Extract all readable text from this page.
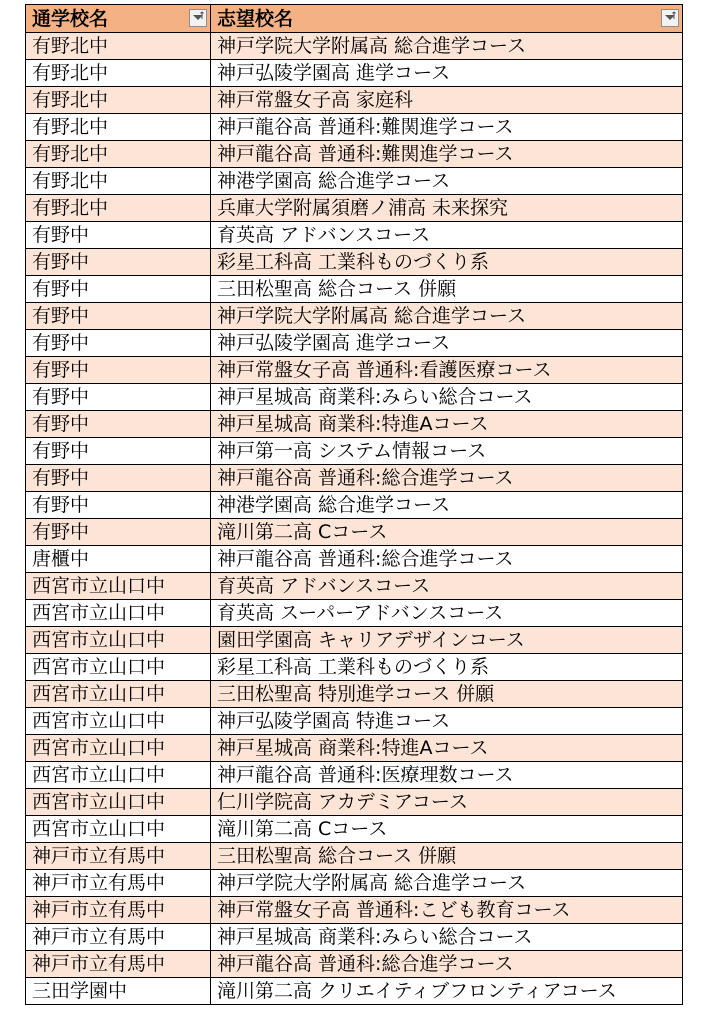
通学校名	志望校名

有野北中	神戸学院大学附属高 総合進学コース
有野北中	神戸弘陵学園高 進学コース
有野北中	神戸常盤女子高 家庭科
有野北中	神戸龍谷高 普通科:難関進学コース
有野北中	神戸龍谷高 普通科:難関進学コース
有野北中	神港学園高 総合進学コース
有野北中	兵庫大学附属須磨ノ浦高 未来探究
有野中	育英高 アドバンスコース
有野中	彩星工科高 工業科ものづくり系
有野中	三田松聖高 総合コース 併願
有野中	神戸学院大学附属高 総合進学コース
有野中	神戸弘陵学園高 進学コース
有野中	神戸常盤女子高 普通科:看護医療コース
有野中	神戸星城高 商業科:みらい総合コース
有野中	神戸星城高 商業科:特進Aコース
有野中	神戸第一高 システム情報コース
有野中	神戸龍谷高 普通科:総合進学コース
有野中	神港学園高 総合進学コース
有野中	滝川第二高 Cコース
唐櫃中	神戸龍谷高 普通科:総合進学コース
西宮市立山口中	育英高 アドバンスコース
西宮市立山口中	育英高 スーパーアドバンスコース
西宮市立山口中	園田学園高 キャリアデザインコース
西宮市立山口中	彩星工科高 工業科ものづくり系
西宮市立山口中	三田松聖高 特別進学コース 併願
西宮市立山口中	神戸弘陵学園高 特進コース
西宮市立山口中	神戸星城高 商業科:特進Aコース
西宮市立山口中	神戸龍谷高 普通科:医療理数コース
西宮市立山口中	仁川学院高 アカデミアコース
西宮市立山口中	滝川第二高 Cコース
神戸市立有馬中	三田松聖高 総合コース 併願
神戸市立有馬中	神戸学院大学附属高 総合進学コース
神戸市立有馬中	神戸常盤女子高 普通科:こども教育コース
神戸市立有馬中	神戸星城高 商業科:みらい総合コース
神戸市立有馬中	神戸龍谷高 普通科:総合進学コース
三田学園中	滝川第二高 クリエイティブフロンティアコース
